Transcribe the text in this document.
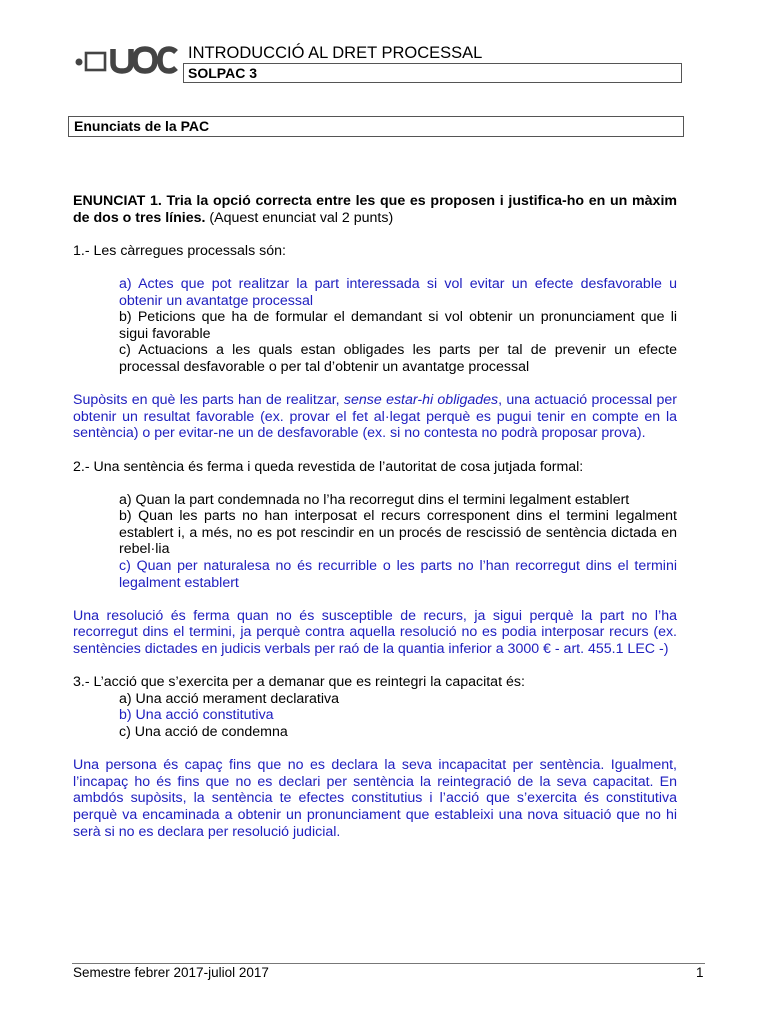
INTRODUCCIÓ AL DRET PROCESSAL
SOLPAC 3
Enunciats de la PAC

ENUNCIAT 1. Tria la opció correcta entre les que es proposen i justifica-ho en un màxim de dos o tres línies. (Aquest enunciat val 2 punts)

1.- Les càrregues processals són:

a) Actes que pot realitzar la part interessada si vol evitar un efecte desfavorable u obtenir un avantatge processal

b) Peticions que ha de formular el demandant si vol obtenir un pronunciament que li sigui favorable

c) Actuacions a les quals estan obligades les parts per tal de prevenir un efecte processal desfavorable o per tal d’obtenir un avantatge processal

Supòsits en què les parts han de realitzar, sense estar-hi obligades, una actuació processal per obtenir un resultat favorable (ex. provar el fet al·legat perquè es pugui tenir en compte en la sentència) o per evitar-ne un de desfavorable (ex. si no contesta no podrà proposar prova).

2.- Una sentència és ferma i queda revestida de l’autoritat de cosa jutjada formal:

a) Quan la part condemnada no l’ha recorregut dins el termini legalment establert

b) Quan les parts no han interposat el recurs corresponent dins el termini legalment establert i, a més, no es pot rescindir en un procés de rescissió de sentència dictada en rebel·lia

c) Quan per naturalesa no és recurrible o les parts no l’han recorregut dins el termini legalment establert

Una resolució és ferma quan no és susceptible de recurs, ja sigui perquè la part no l’ha recorregut dins el termini, ja perquè contra aquella resolució no es podia interposar recurs (ex. sentències dictades en judicis verbals per raó de la quantia inferior a 3000 € - art. 455.1 LEC -)

3.- L’acció que s’exercita per a demanar que es reintegri la capacitat és:

a) Una acció merament declarativa

b) Una acció constitutiva

c) Una acció de condemna

Una persona és capaç fins que no es declara la seva incapacitat per sentència. Igualment, l’incapaç ho és fins que no es declari per sentència la reintegració de la seva capacitat. En ambdós supòsits, la sentència te efectes constitutius i l’acció que s’exercita és constitutiva perquè va encaminada a obtenir un pronunciament que estableixi una nova situació que no hi serà si no es declara per resolució judicial.

Semestre febrer 2017-juliol 2017	1
